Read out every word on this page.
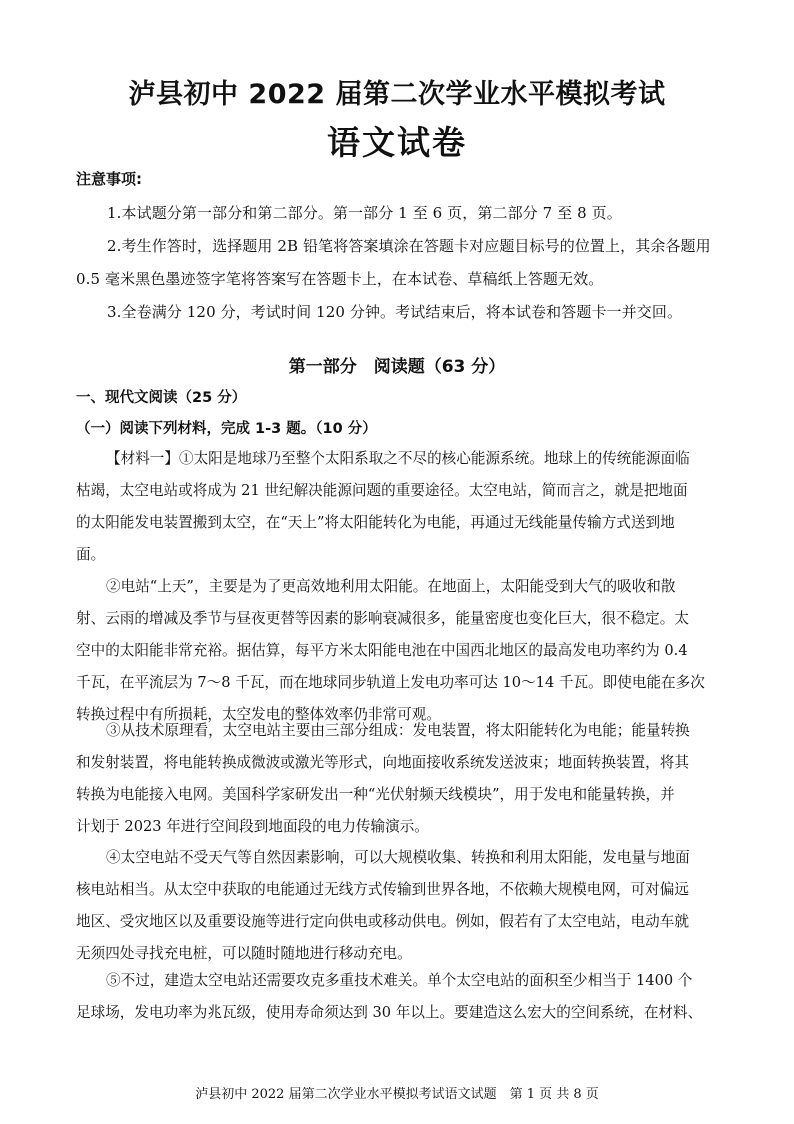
泸县初中 2022 届第二次学业水平模拟考试
语文试卷
注意事项:
1.本试题分第一部分和第二部分。第一部分 1 至 6 页，第二部分 7 至 8 页。
2.考生作答时，选择题用 2B 铅笔将答案填涂在答题卡对应题目标号的位置上，其余各题用
0.5 毫米黑色墨迹签字笔将答案写在答题卡上，在本试卷、草稿纸上答题无效。
3.全卷满分 120 分，考试时间 120 分钟。考试结束后，将本试卷和答题卡一并交回。
第一部分　阅读题（63 分）
一、现代文阅读（25 分）
（一）阅读下列材料，完成 1-3 题。（10 分）
【材料一】①太阳是地球乃至整个太阳系取之不尽的核心能源系统。地球上的传统能源面临
枯竭，太空电站或将成为 21 世纪解决能源问题的重要途径。太空电站，简而言之，就是把地面
的太阳能发电装置搬到太空，在“天上”将太阳能转化为电能，再通过无线能量传输方式送到地
面。
②电站“上天”，主要是为了更高效地利用太阳能。在地面上，太阳能受到大气的吸收和散
射、云雨的增减及季节与昼夜更替等因素的影响衰减很多，能量密度也变化巨大，很不稳定。太
空中的太阳能非常充裕。据估算，每平方米太阳能电池在中国西北地区的最高发电功率约为 0.4
千瓦，在平流层为 7～8 千瓦，而在地球同步轨道上发电功率可达 10～14 千瓦。即使电能在多次
转换过程中有所损耗，太空发电的整体效率仍非常可观。
③从技术原理看，太空电站主要由三部分组成：发电装置，将太阳能转化为电能；能量转换
和发射装置，将电能转换成微波或激光等形式，向地面接收系统发送波束；地面转换装置，将其
转换为电能接入电网。美国科学家研发出一种“光伏射频天线模块”，用于发电和能量转换，并
计划于 2023 年进行空间段到地面段的电力传输演示。
④太空电站不受天气等自然因素影响，可以大规模收集、转换和利用太阳能，发电量与地面
核电站相当。从太空中获取的电能通过无线方式传输到世界各地，不依赖大规模电网，可对偏远
地区、受灾地区以及重要设施等进行定向供电或移动供电。例如，假若有了太空电站，电动车就
无须四处寻找充电桩，可以随时随地进行移动充电。
⑤不过，建造太空电站还需要攻克多重技术难关。单个太空电站的面积至少相当于 1400 个
足球场，发电功率为兆瓦级，使用寿命须达到 30 年以上。要建造这么宏大的空间系统，在材料、
泸县初中 2022 届第二次学业水平模拟考试语文试题　第 1 页 共 8 页
